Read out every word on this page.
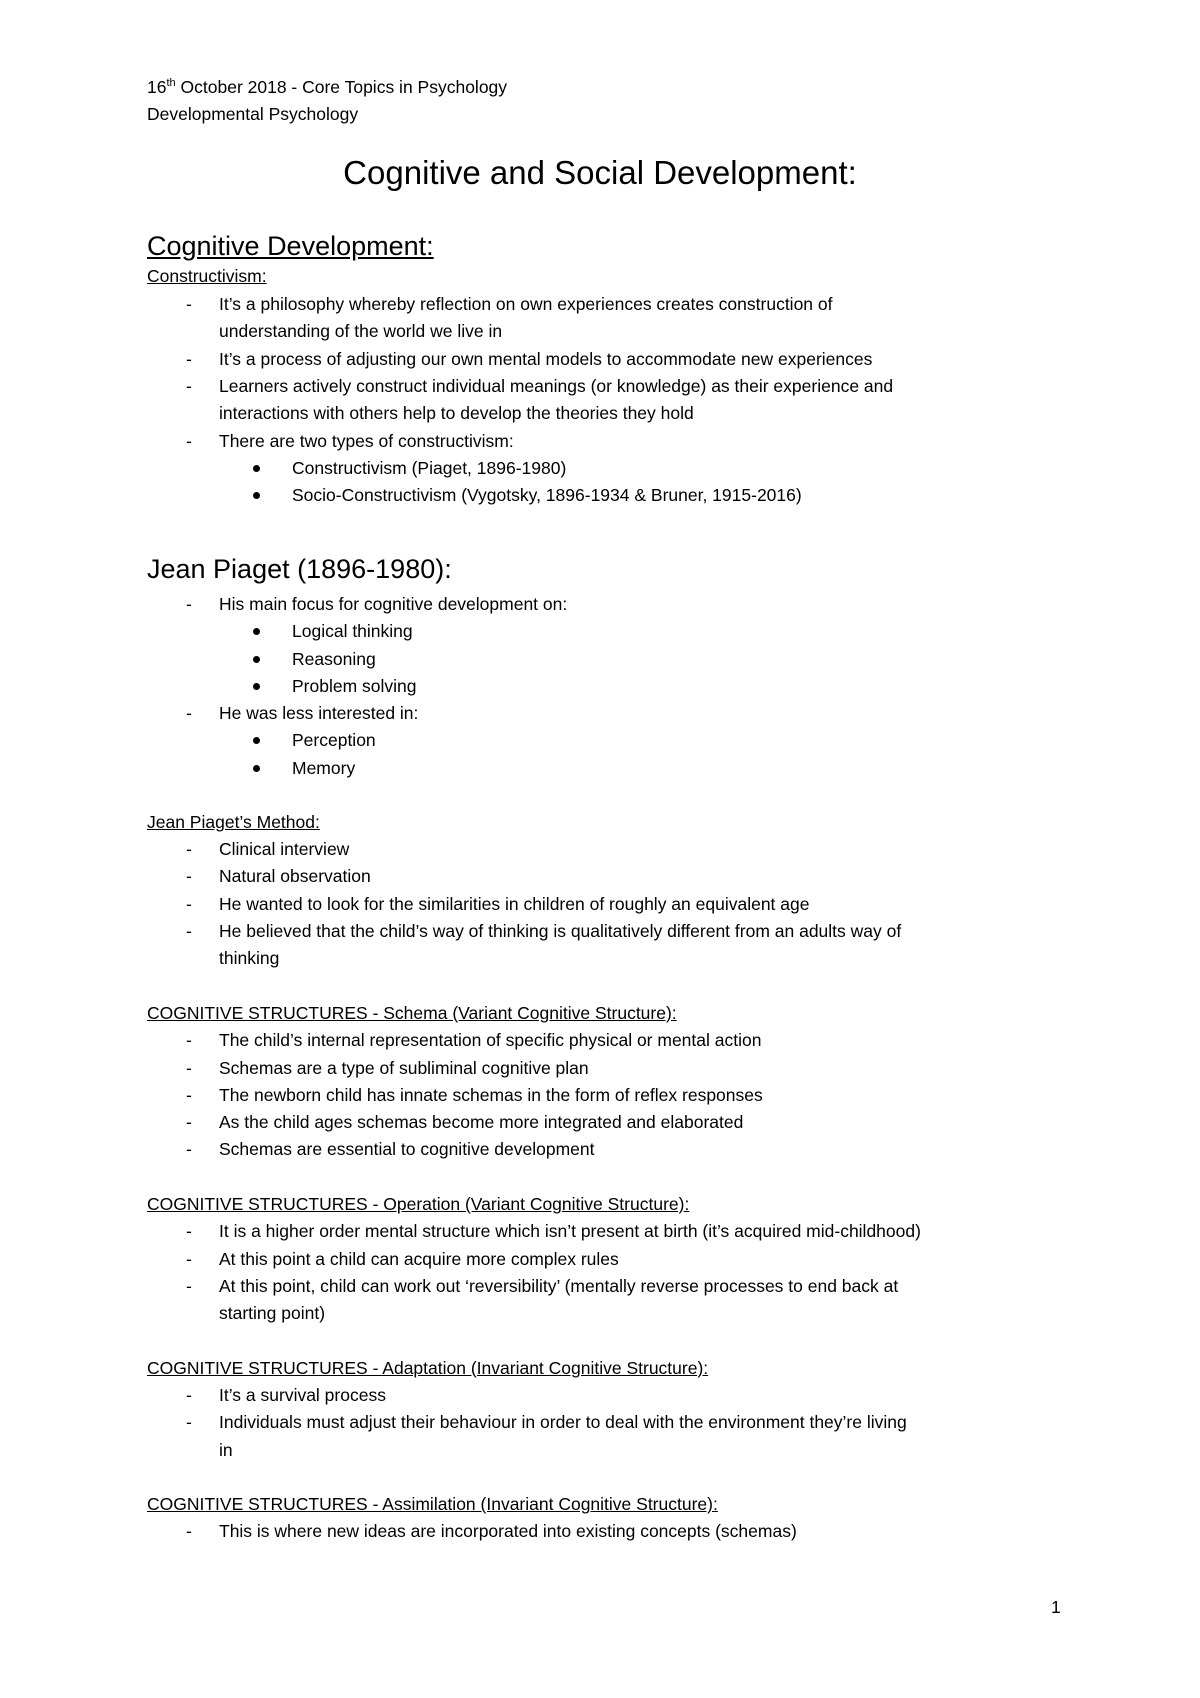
16th October 2018 - Core Topics in Psychology
Developmental Psychology
Cognitive and Social Development:
Cognitive Development:
Constructivism:
- It’s a philosophy whereby reflection on own experiences creates construction of
understanding of the world we live in
- It’s a process of adjusting our own mental models to accommodate new experiences
- Learners actively construct individual meanings (or knowledge) as their experience and
interactions with others help to develop the theories they hold
- There are two types of constructivism:
Constructivism (Piaget, 1896-1980)
Socio-Constructivism (Vygotsky, 1896-1934 & Bruner, 1915-2016)
Jean Piaget (1896-1980):
- His main focus for cognitive development on:
Logical thinking
Reasoning
Problem solving
- He was less interested in:
Perception
Memory
Jean Piaget’s Method:
- Clinical interview
- Natural observation
- He wanted to look for the similarities in children of roughly an equivalent age
- He believed that the child’s way of thinking is qualitatively different from an adults way of
thinking
COGNITIVE STRUCTURES - Schema (Variant Cognitive Structure):
- The child’s internal representation of specific physical or mental action
- Schemas are a type of subliminal cognitive plan
- The newborn child has innate schemas in the form of reflex responses
- As the child ages schemas become more integrated and elaborated
- Schemas are essential to cognitive development
COGNITIVE STRUCTURES - Operation (Variant Cognitive Structure):
- It is a higher order mental structure which isn’t present at birth (it’s acquired mid-childhood)
- At this point a child can acquire more complex rules
- At this point, child can work out ‘reversibility’ (mentally reverse processes to end back at
starting point)
COGNITIVE STRUCTURES - Adaptation (Invariant Cognitive Structure):
- It’s a survival process
- Individuals must adjust their behaviour in order to deal with the environment they’re living
in
COGNITIVE STRUCTURES - Assimilation (Invariant Cognitive Structure):
- This is where new ideas are incorporated into existing concepts (schemas)
1
